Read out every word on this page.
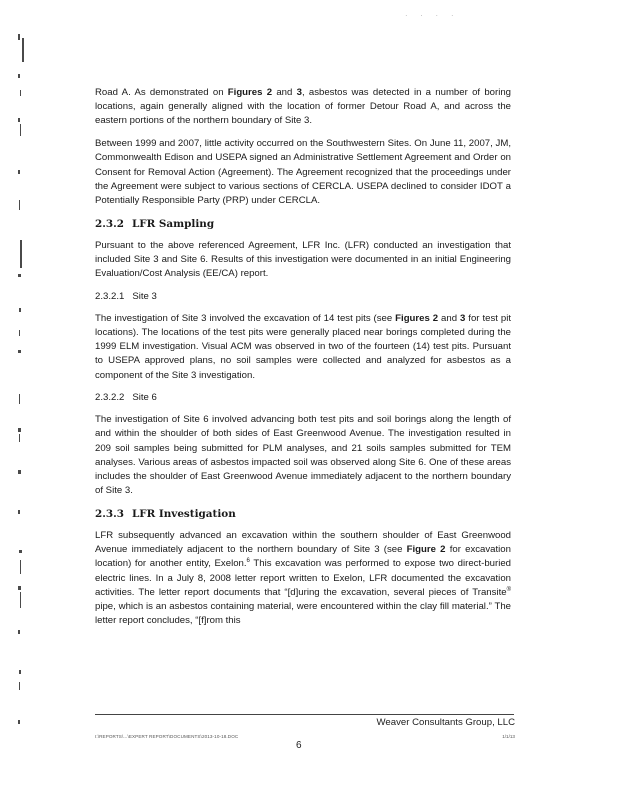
. . . .

Road A. As demonstrated on Figures 2 and 3, asbestos was detected in a number of boring locations, again generally aligned with the location of former Detour Road A, and across the eastern portions of the northern boundary of Site 3.

Between 1999 and 2007, little activity occurred on the Southwestern Sites. On June 11, 2007, JM, Commonwealth Edison and USEPA signed an Administrative Settlement Agreement and Order on Consent for Removal Action (Agreement). The Agreement recognized that the proceedings under the Agreement were subject to various sections of CERCLA. USEPA declined to consider IDOT a Potentially Responsible Party (PRP) under CERCLA.

2.3.2 LFR Sampling

Pursuant to the above referenced Agreement, LFR Inc. (LFR) conducted an investigation that included Site 3 and Site 6. Results of this investigation were documented in an initial Engineering Evaluation/Cost Analysis (EE/CA) report.

2.3.2.1 Site 3

The investigation of Site 3 involved the excavation of 14 test pits (see Figures 2 and 3 for test pit locations). The locations of the test pits were generally placed near borings completed during the 1999 ELM investigation. Visual ACM was observed in two of the fourteen (14) test pits. Pursuant to USEPA approved plans, no soil samples were collected and analyzed for asbestos as a component of the Site 3 investigation.

2.3.2.2 Site 6

The investigation of Site 6 involved advancing both test pits and soil borings along the length of and within the shoulder of both sides of East Greenwood Avenue. The investigation resulted in 209 soil samples being submitted for PLM analyses, and 21 soils samples submitted for TEM analyses. Various areas of asbestos impacted soil was observed along Site 6. One of these areas includes the shoulder of East Greenwood Avenue immediately adjacent to the northern boundary of Site 3.

2.3.3 LFR Investigation

LFR subsequently advanced an excavation within the southern shoulder of East Greenwood Avenue immediately adjacent to the northern boundary of Site 3 (see Figure 2 for excavation location) for another entity, Exelon.$^6$ This excavation was performed to expose two direct-buried electric lines. In a July 8, 2008 letter report written to Exelon, LFR documented the excavation activities. The letter report documents that “[d]uring the excavation, several pieces of Transite® pipe, which is an asbestos containing material, were encountered within the clay fill material.” The letter report concludes, “[f]rom this

Weaver Consultants Group, LLC
I:\REPORTS\...\EXPERT REPORT\DOCUMENTS\2013-10-18.DOC	1/1/13
6
